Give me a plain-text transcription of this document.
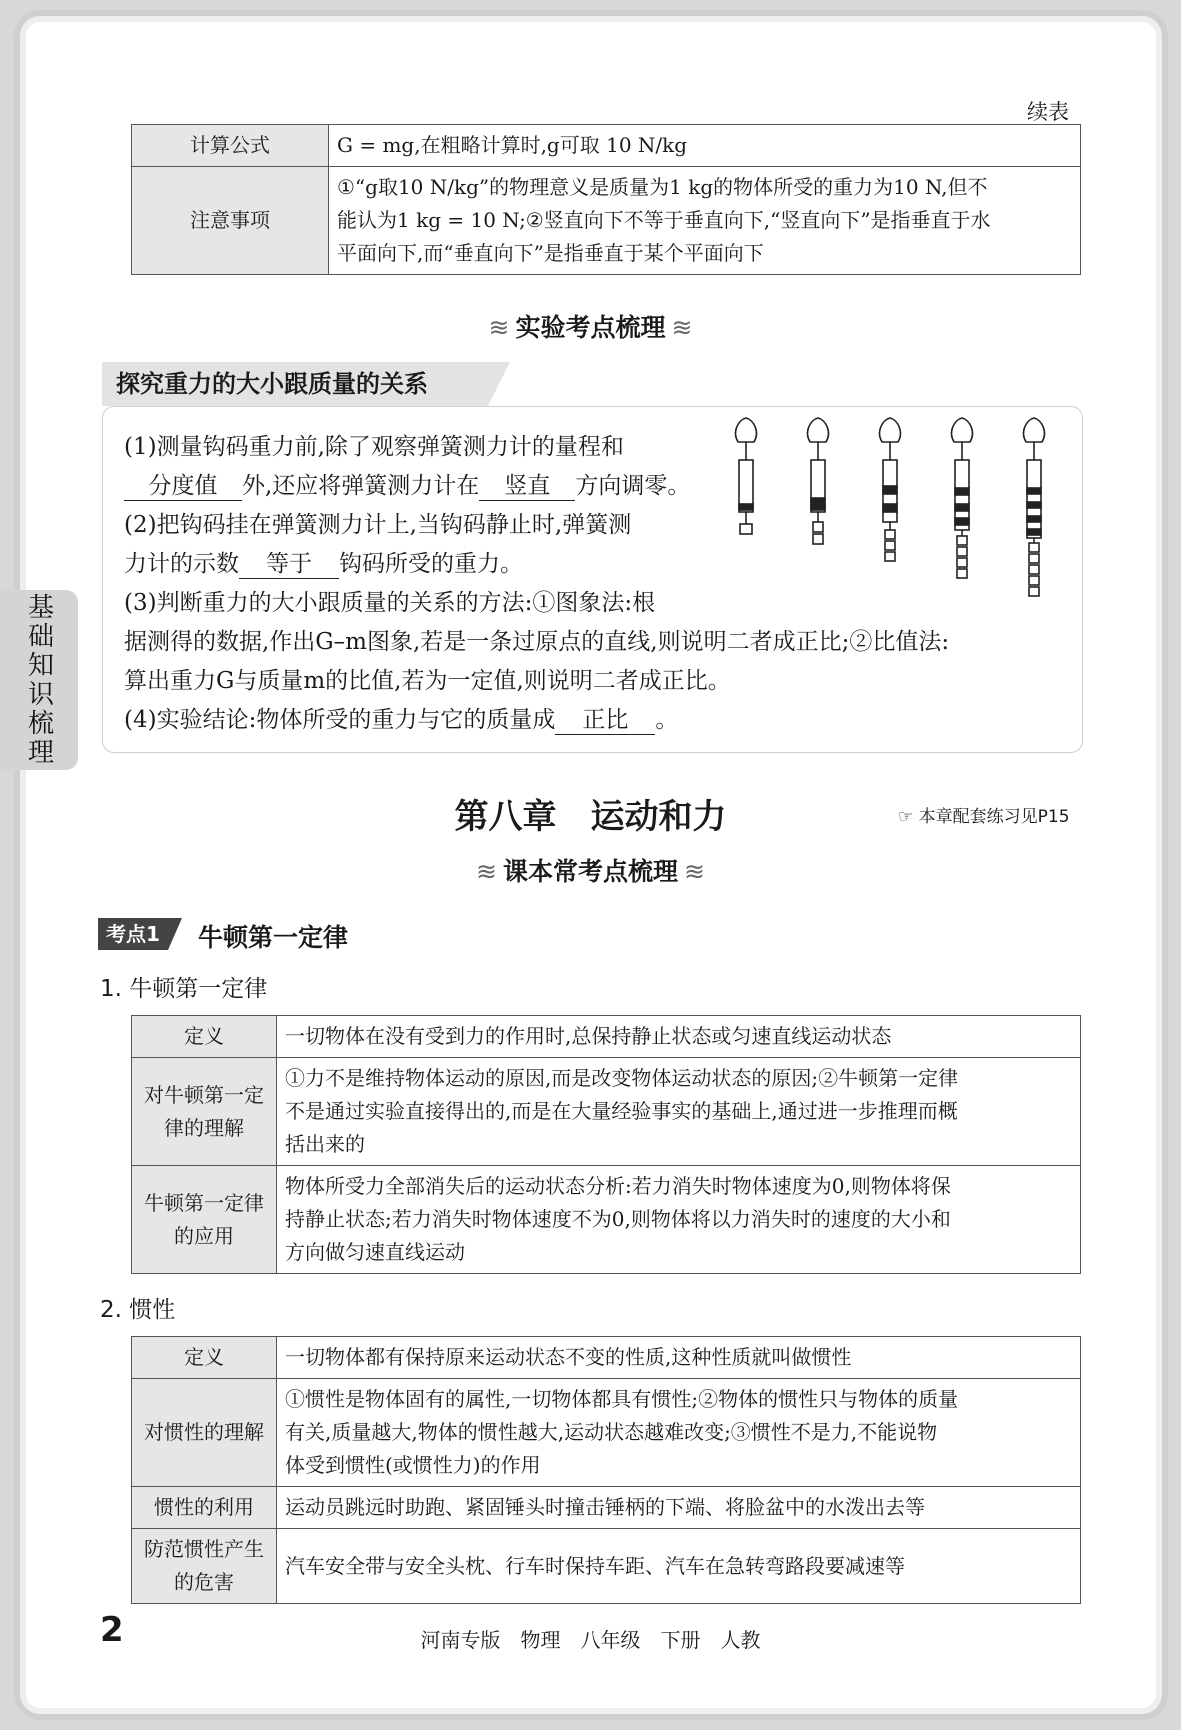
基础知识梳理
续表
计算公式	G = mg,在粗略计算时,g可取 10 N/kg
注意事项	①“g取10 N/kg”的物理意义是质量为1 kg的物体所受的重力为10 N,但不
能认为1 kg = 10 N;②竖直向下不等于垂直向下,“竖直向下”是指垂直于水
平面向下,而“垂直向下”是指垂直于某个平面向下
≋ 实验考点梳理 ≋
探究重力的大小跟质量的关系
(1)测量钩码重力前,除了观察弹簧测力计的量程和
分度值 外,还应将弹簧测力计在 竖直 方向调零。
(2)把钩码挂在弹簧测力计上,当钩码静止时,弹簧测
力计的示数 等于 钩码所受的重力。
(3)判断重力的大小跟质量的关系的方法:①图象法:根
据测得的数据,作出G–m图象,若是一条过原点的直线,则说明二者成正比;②比值法:
算出重力G与质量m的比值,若为一定值,则说明二者成正比。
(4)实验结论:物体所受的重力与它的质量成 正比 。
第八章　运动和力	☞ 本章配套练习见P15
≋ 课本常考点梳理 ≋
考点1	牛顿第一定律
1. 牛顿第一定律
定义	一切物体在没有受到力的作用时,总保持静止状态或匀速直线运动状态
对牛顿第一定律的理解	①力不是维持物体运动的原因,而是改变物体运动状态的原因;②牛顿第一定律
不是通过实验直接得出的,而是在大量经验事实的基础上,通过进一步推理而概
括出来的

牛顿第一定律的应用	物体所受力全部消失后的运动状态分析:若力消失时物体速度为0,则物体将保
持静止状态;若力消失时物体速度不为0,则物体将以力消失时的速度的大小和
方向做匀速直线运动
2. 惯性
定义	一切物体都有保持原来运动状态不变的性质,这种性质就叫做惯性
对惯性的理解	①惯性是物体固有的属性,一切物体都具有惯性;②物体的惯性只与物体的质量
有关,质量越大,物体的惯性越大,运动状态越难改变;③惯性不是力,不能说物
体受到惯性(或惯性力)的作用

惯性的利用	运动员跳远时助跑、紧固锤头时撞击锤柄的下端、将脸盆中的水泼出去等
防范惯性产生的危害	汽车安全带与安全头枕、行车时保持车距、汽车在急转弯路段要减速等
2	河南专版　物理　八年级　下册　人教
